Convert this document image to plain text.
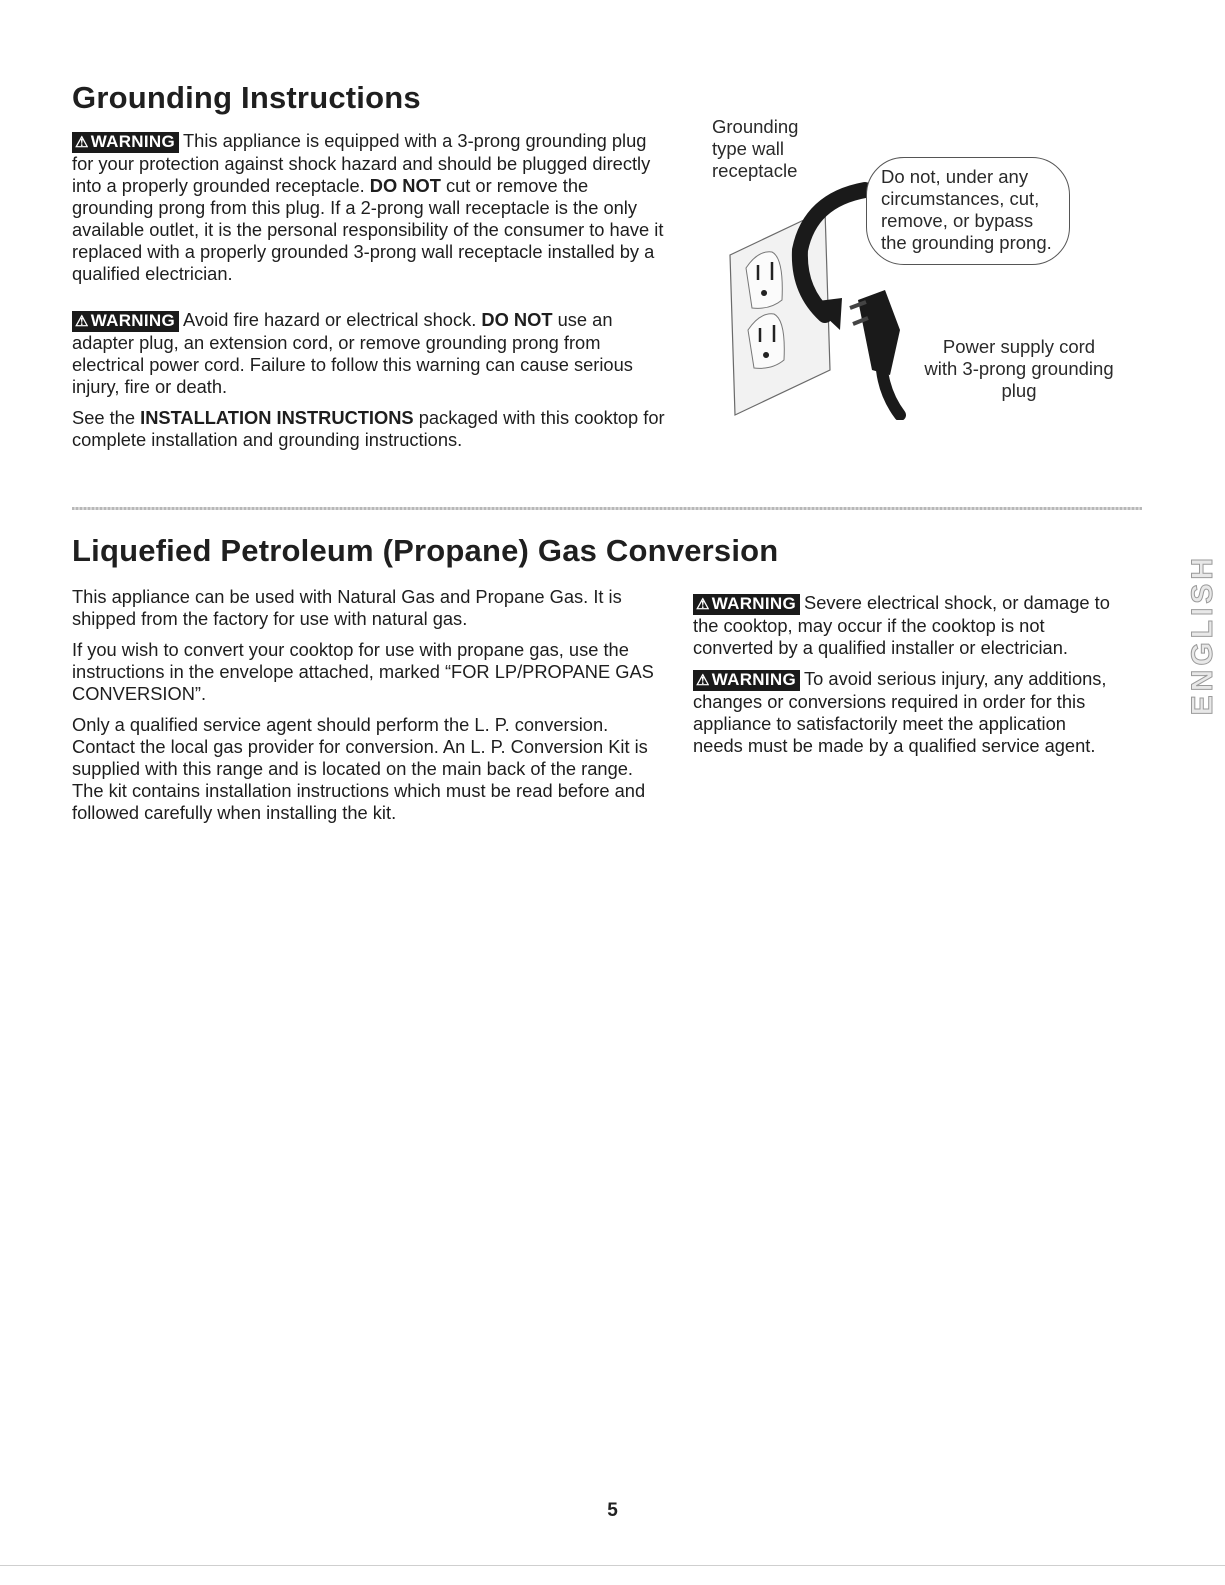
Grounding Instructions

⚠ WARNING This appliance is equipped with a 3-prong grounding plug for your protection against shock hazard and should be plugged directly into a properly grounded receptacle. DO NOT cut or remove the grounding prong from this plug. If a 2-prong wall receptacle is the only available outlet, it is the personal responsibility of the consumer to have it replaced with a properly grounded 3-prong wall receptacle installed by a qualified electrician.

⚠ WARNING Avoid fire hazard or electrical shock. DO NOT use an adapter plug, an extension cord, or remove grounding prong from electrical power cord. Failure to follow this warning can cause serious injury, fire or death.

See the INSTALLATION INSTRUCTIONS packaged with this cooktop for complete installation and grounding instructions.

Grounding type wall receptacle	Do not, under any circumstances, cut, remove, or bypass the grounding prong.
Power supply cord with 3-prong grounding plug
Liquefied Petroleum (Propane) Gas Conversion

This appliance can be used with Natural Gas and Propane Gas. It is shipped from the factory for use with natural gas.

If you wish to convert your cooktop for use with propane gas, use the instructions in the envelope attached, marked “FOR LP/PROPANE GAS CONVERSION”.

Only a qualified service agent should perform the L. P. conversion. Contact the local gas provider for conversion. An L. P. Conversion Kit is supplied with this range and is located on the main back of the range. The kit contains installation instructions which must be read before and followed carefully when installing the kit.

⚠ WARNING Severe electrical shock, or damage to the cooktop, may occur if the cooktop is not converted by a qualified installer or electrician.

⚠ WARNING To avoid serious injury, any additions, changes or conversions required in order for this appliance to satisfactorily meet the application needs must be made by a qualified service agent.

ENGLISH
5
